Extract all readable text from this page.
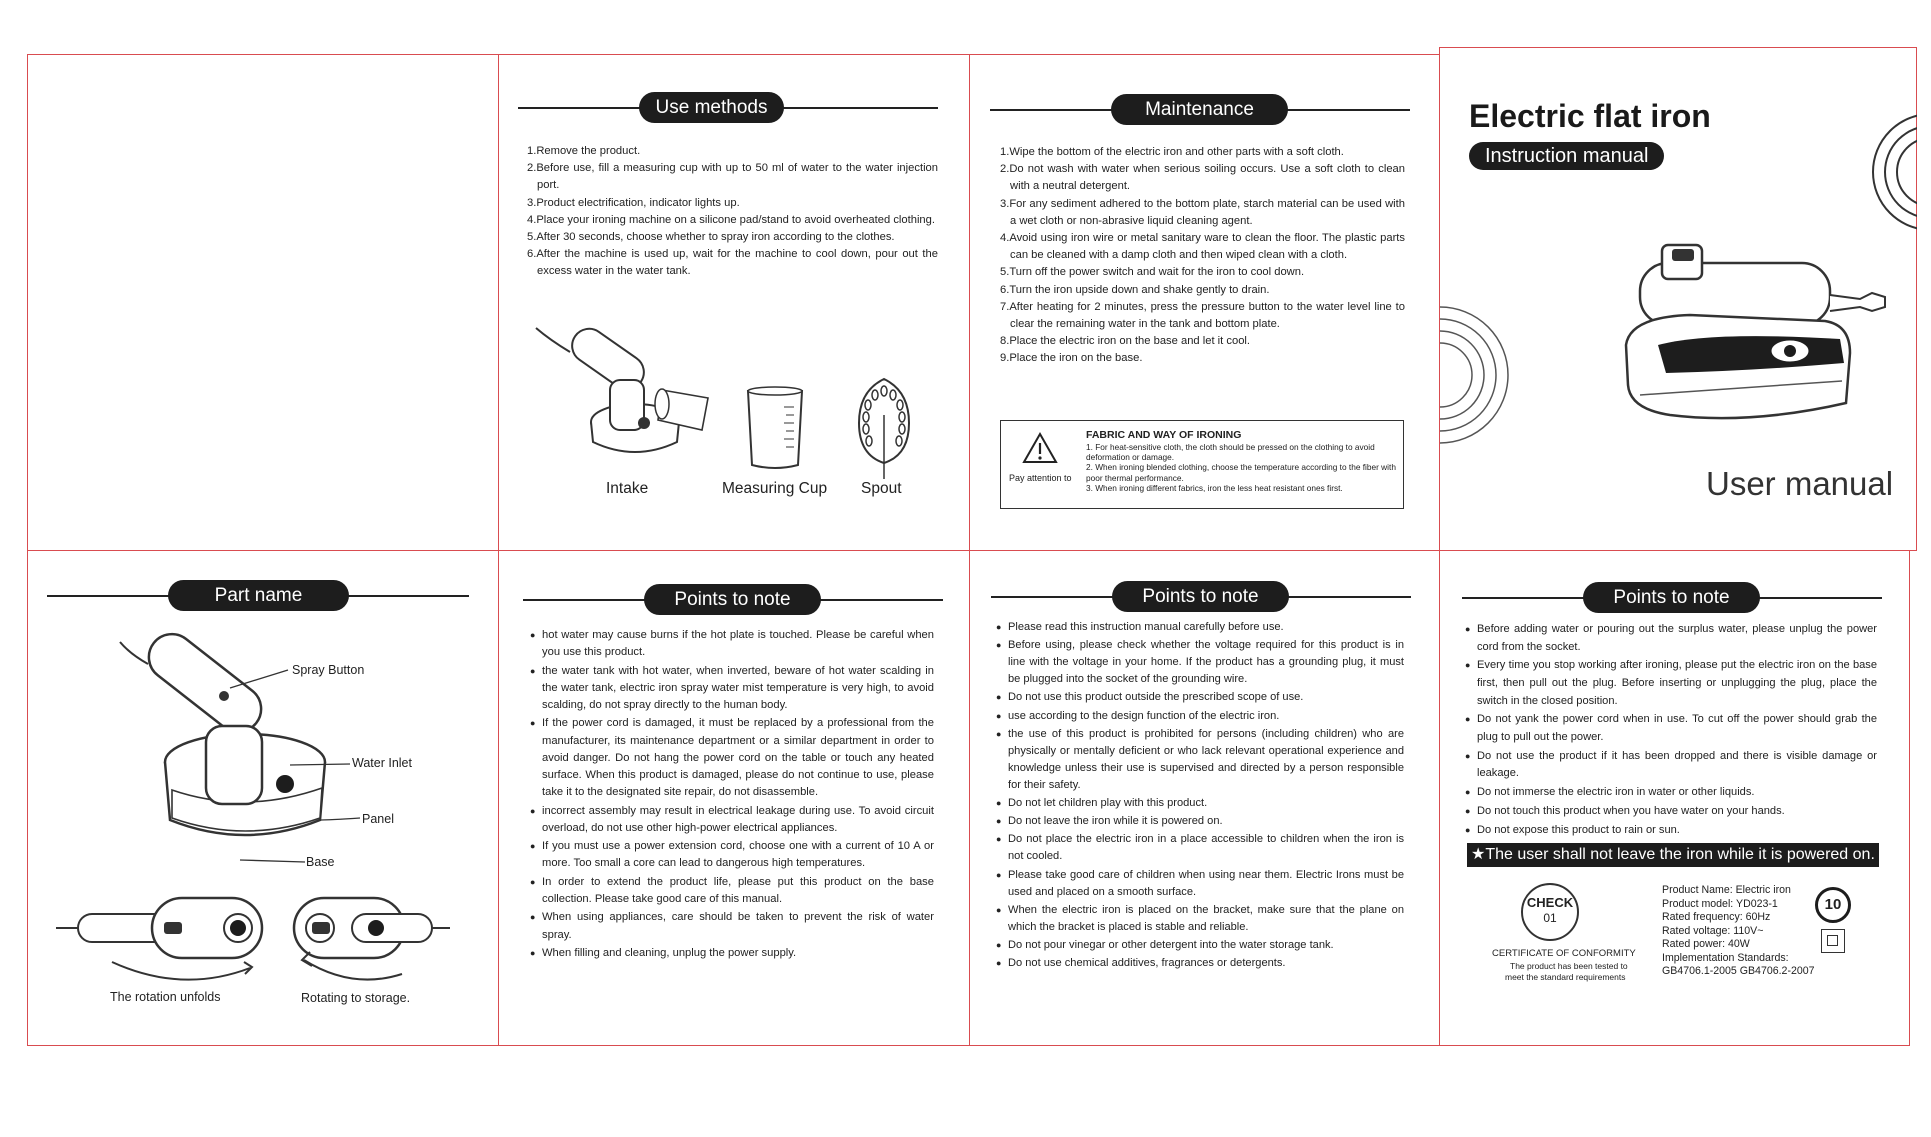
Use methods

1.Remove the product.

2.Before use, fill a measuring cup with up to 50 ml of water to the water injection port.

3.Product electrification, indicator lights up.

4.Place your ironing machine on a silicone pad/stand to avoid overheated clothing.

5.After 30 seconds, choose whether to spray iron according to the clothes.

6.After the machine is used up, wait for the machine to cool down, pour out the excess water in the water tank.

Intake	Measuring Cup Spout
Maintenance

1.Wipe the bottom of the electric iron and other parts with a soft cloth.

2.Do not wash with water when serious soiling occurs. Use a soft cloth to clean with a neutral detergent.

3.For any sediment adhered to the bottom plate, starch material can be used with a wet cloth or non-abrasive liquid cleaning agent.

4.Avoid using iron wire or metal sanitary ware to clean the floor. The plastic parts can be cleaned with a damp cloth and then wiped clean with a cloth.

5.Turn off the power switch and wait for the iron to cool down.

6.Turn the iron upside down and shake gently to drain.

7.After heating for 2 minutes, press the pressure button to the water level line to clear the remaining water in the tank and bottom plate.

8.Place the electric iron on the base and let it cool.

9.Place the iron on the base.

Pay attention to
FABRIC AND WAY OF IRONING

1. For heat-sensitive cloth, the cloth should be pressed on the clothing to avoid deformation or damage.

2. When ironing blended clothing, choose the temperature according to the fiber with poor thermal performance.

3. When ironing different fabrics, iron the less heat resistant ones first.

Electric flat iron
Instruction manual
User manual
Part name
Spray Button
Water Inlet
Panel
Base
The rotation unfolds	Rotating to storage.
Points to note

● hot water may cause burns if the hot plate is touched. Please be careful when you use this product.

● the water tank with hot water, when inverted, beware of hot water scalding in the water tank, electric iron spray water mist temperature is very high, to avoid scalding, do not spray directly to the human body.

● If the power cord is damaged, it must be replaced by a professional from the manufacturer, its maintenance department or a similar department in order to avoid danger. Do not hang the power cord on the table or touch any heated surface. When this product is damaged, please do not continue to use, please take it to the designated site repair, do not disassemble.

● incorrect assembly may result in electrical leakage during use. To avoid circuit overload, do not use other high-power electrical appliances.

● If you must use a power extension cord, choose one with a current of 10 A or more. Too small a core can lead to dangerous high temperatures.

● In order to extend the product life, please put this product on the base collection. Please take good care of this manual.

● When using appliances, care should be taken to prevent the risk of water spray.

● When filling and cleaning, unplug the power supply.

Points to note

● Please read this instruction manual carefully before use.

● Before using, please check whether the voltage required for this product is in line with the voltage in your home. If the product has a grounding plug, it must be plugged into the socket of the grounding wire.

● Do not use this product outside the prescribed scope of use.

● use according to the design function of the electric iron.

● the use of this product is prohibited for persons (including children) who are physically or mentally deficient or who lack relevant operational experience and knowledge unless their use is supervised and directed by a person responsible for their safety.

● Do not let children play with this product.

● Do not leave the iron while it is powered on.

● Do not place the electric iron in a place accessible to children when the iron is not cooled.

● Please take good care of children when using near them. Electric Irons must be used and placed on a smooth surface.

● When the electric iron is placed on the bracket, make sure that the plane on which the bracket is placed is stable and reliable.

● Do not pour vinegar or other detergent into the water storage tank.

● Do not use chemical additives, fragrances or detergents.

Points to note

● Before adding water or pouring out the surplus water, please unplug the power cord from the socket.

● Every time you stop working after ironing, please put the electric iron on the base first, then pull out the plug. Before inserting or unplugging the plug, place the switch in the closed position.

● Do not yank the power cord when in use. To cut off the power should grab the plug to pull out the power.

● Do not use the product if it has been dropped and there is visible damage or leakage.

● Do not immerse the electric iron in water or other liquids.

● Do not touch this product when you have water on your hands.

● Do not expose this product to rain or sun.

★The user shall not leave the iron while it is powered on.
CHECK
01
CERTIFICATE OF CONFORMITY
The product has been tested to
meet the standard requirements

Product Name: Electric iron

Product model: YD023-1

Rated frequency: 60Hz

Rated voltage: 110V~

Rated power: 40W

Implementation Standards:

GB4706.1-2005 GB4706.2-2007

10
